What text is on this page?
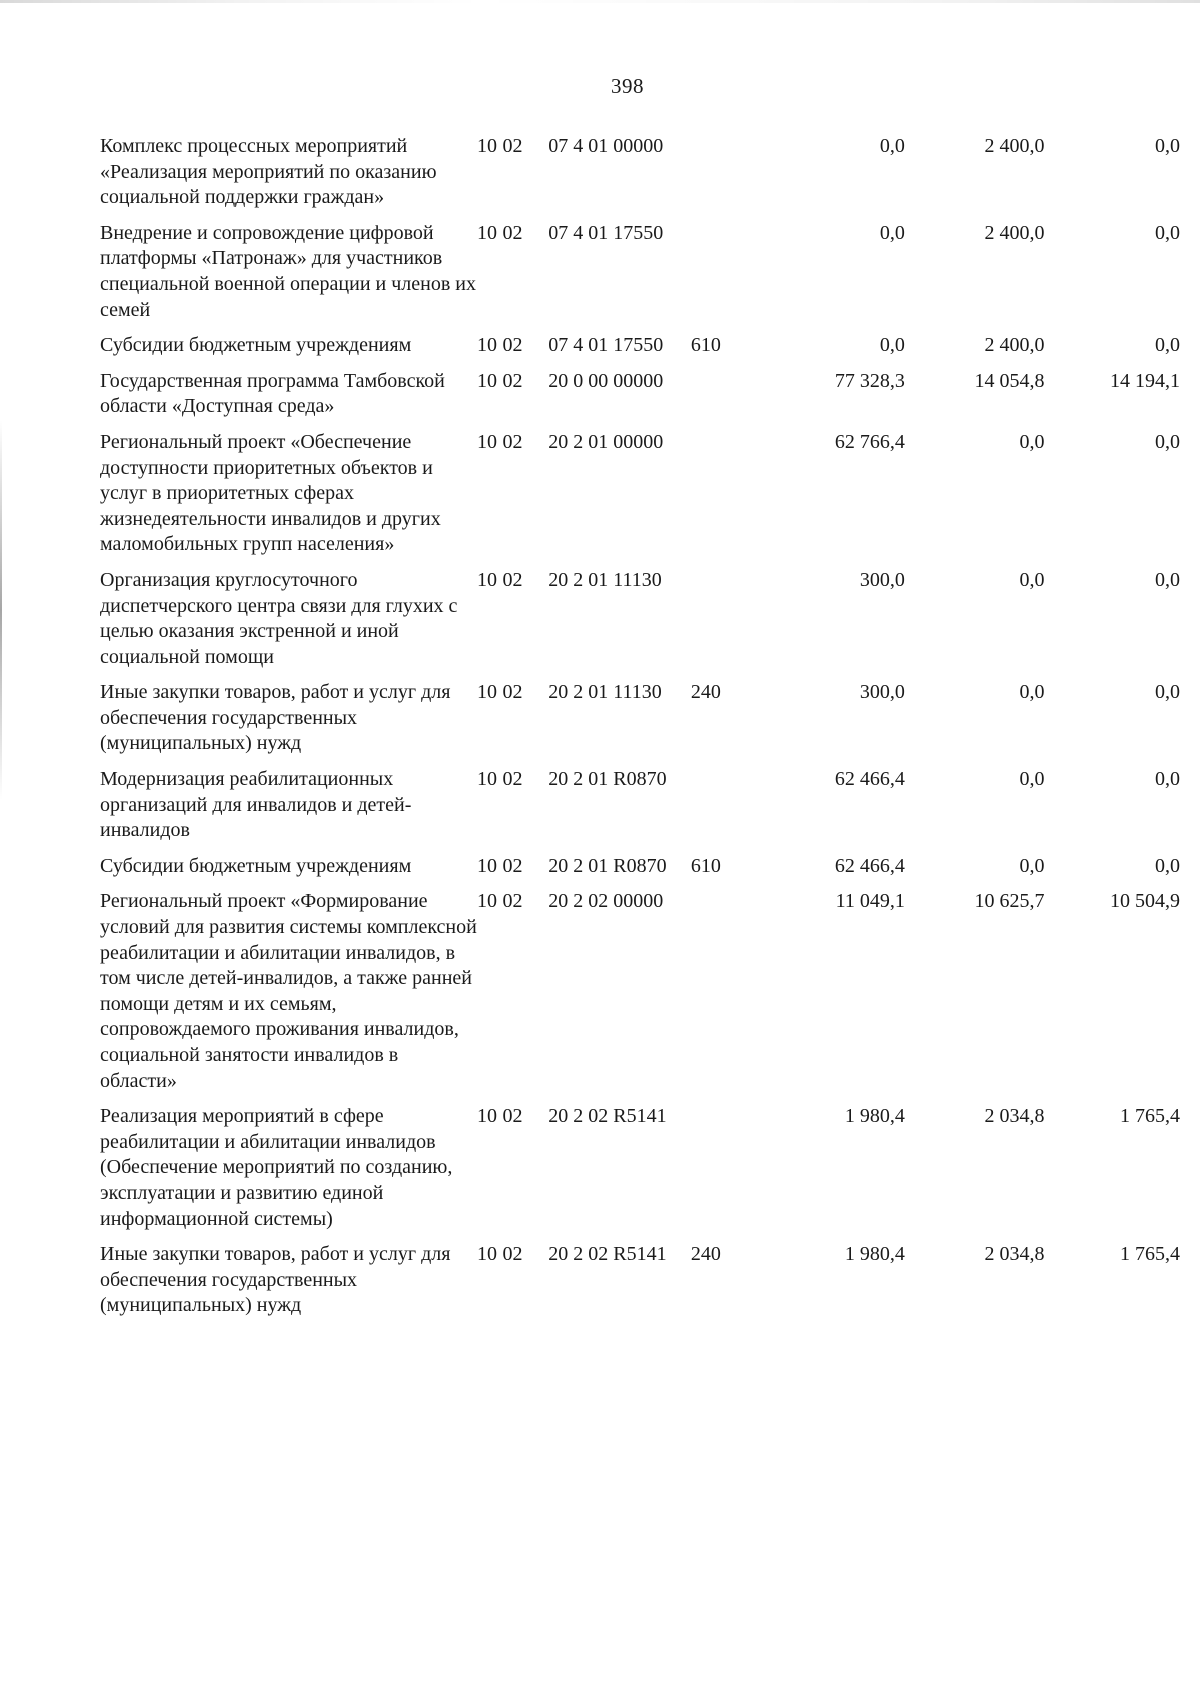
398
Комплекс процессных мероприятий «Реализация мероприятий по оказанию социальной поддержки граждан»	10	02	07 4 01 00000		0,0	2 400,0	0,0
Внедрение и сопровождение цифровой платформы «Патронаж» для участников специальной военной операции и членов их семей	10	02	07 4 01 17550		0,0	2 400,0	0,0
Субсидии бюджетным учреждениям	10	02	07 4 01 17550	610	0,0	2 400,0	0,0
Государственная программа Тамбовской области «Доступная среда»	10	02	20 0 00 00000		77 328,3	14 054,8	14 194,1
Региональный проект «Обеспечение доступности приоритетных объектов и услуг в приоритетных сферах жизнедеятельности инвалидов и других маломобильных групп населения»	10	02	20 2 01 00000		62 766,4	0,0	0,0
Организация круглосуточного диспетчерского центра связи для глухих с целью оказания экстренной и иной социальной помощи	10	02	20 2 01 11130		300,0	0,0	0,0
Иные закупки товаров, работ и услуг для обеспечения государственных (муниципальных) нужд	10	02	20 2 01 11130	240	300,0	0,0	0,0
Модернизация реабилитационных организаций для инвалидов и детей-инвалидов	10	02	20 2 01 R0870		62 466,4	0,0	0,0
Субсидии бюджетным учреждениям	10	02	20 2 01 R0870	610	62 466,4	0,0	0,0
Региональный проект «Формирование условий для развития системы комплексной реабилитации и абилитации инвалидов, в том числе детей-инвалидов, а также ранней помощи детям и их семьям, сопровождаемого проживания инвалидов, социальной занятости инвалидов в области»	10	02	20 2 02 00000		11 049,1	10 625,7	10 504,9
Реализация мероприятий в сфере реабилитации и абилитации инвалидов (Обеспечение мероприятий по созданию, эксплуатации и развитию единой информационной системы)	10	02	20 2 02 R5141		1 980,4	2 034,8	1 765,4
Иные закупки товаров, работ и услуг для обеспечения государственных (муниципальных) нужд	10	02	20 2 02 R5141	240	1 980,4	2 034,8	1 765,4
